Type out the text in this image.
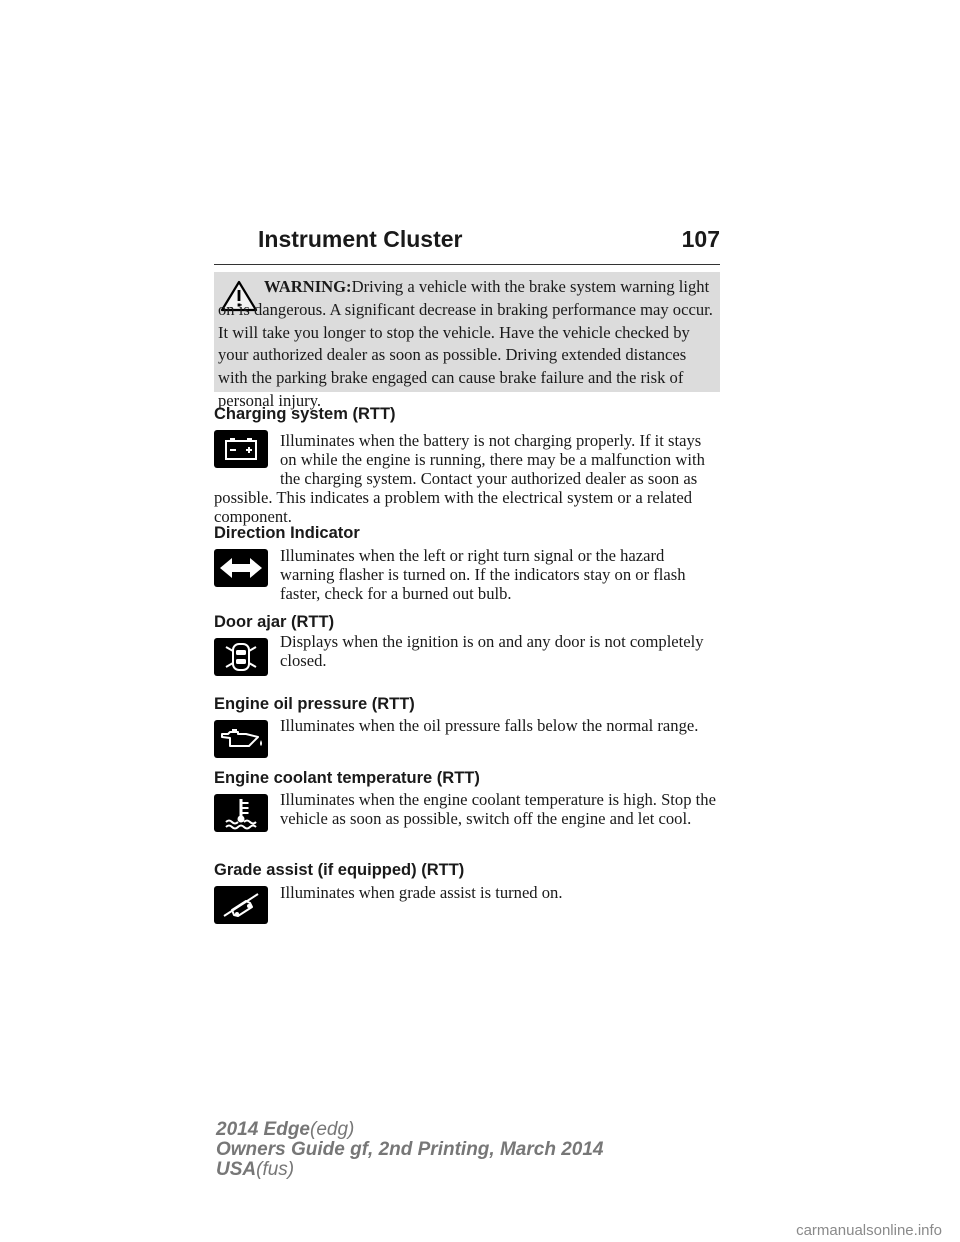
Instrument Cluster	107

WARNING:Driving a vehicle with the brake system warning light on is dangerous. A significant decrease in braking performance may occur. It will take you longer to stop the vehicle. Have the vehicle checked by your authorized dealer as soon as possible. Driving extended distances with the parking brake engaged can cause brake failure and the risk of personal injury.

Charging system (RTT)

Illuminates when the battery is not charging properly. If it stays on while the engine is running, there may be a malfunction with the charging system. Contact your authorized dealer as soon as

possible. This indicates a problem with the electrical system or a related component.

Direction Indicator

Illuminates when the left or right turn signal or the hazard warning flasher is turned on. If the indicators stay on or flash faster, check for a burned out bulb.

Door ajar (RTT)

Displays when the ignition is on and any door is not completely closed.

Engine oil pressure (RTT)

Illuminates when the oil pressure falls below the normal range.

Engine coolant temperature (RTT)

Illuminates when the engine coolant temperature is high. Stop the vehicle as soon as possible, switch off the engine and let cool.

Grade assist (if equipped) (RTT)

Illuminates when grade assist is turned on.

2014 Edge(edg)
Owners Guide gf, 2nd Printing, March 2014
USA(fus)
carmanualsonline.info
